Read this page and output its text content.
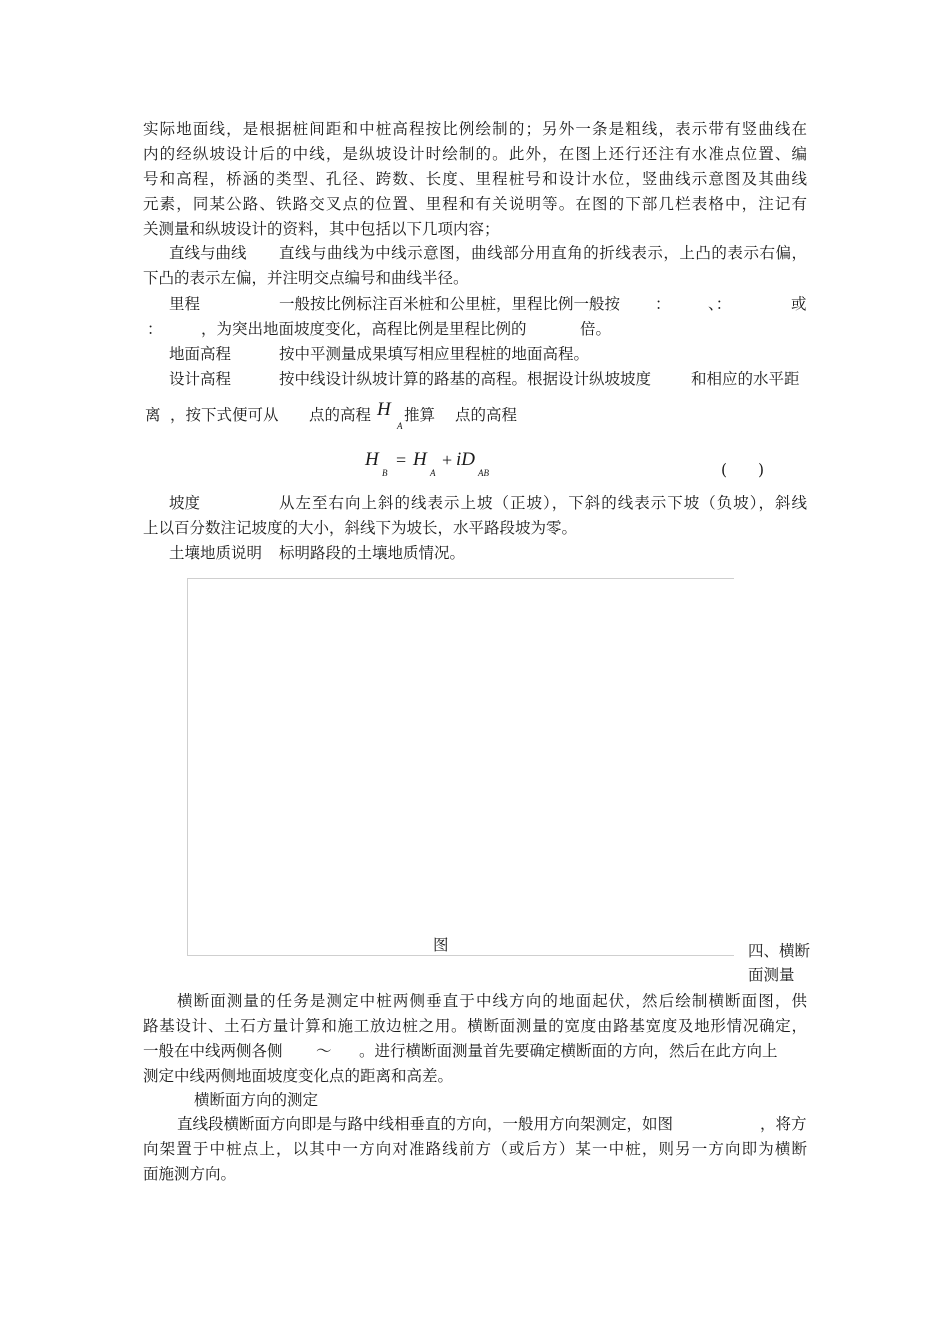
实际地面线，是根据桩间距和中桩高程按比例绘制的；另外一条是粗线，表示带有竖曲线在
内的经纵坡设计后的中线，是纵坡设计时绘制的。此外，在图上还行还注有水准点位置、编
号和高程，桥涵的类型、孔径、跨数、长度、里程桩号和设计水位，竖曲线示意图及其曲线
元素，同某公路、铁路交叉点的位置、里程和有关说明等。在图的下部几栏表格中，注记有
关测量和纵坡设计的资料，其中包括以下几项内容；
直线与曲线 直线与曲线为中线示意图，曲线部分用直角的折线表示，上凸的表示右偏，
下凸的表示左偏，并注明交点编号和曲线半径。
里程	一般按比例标注百米桩和公里桩，里程比例一般按 ： 、：	或
： ，为突出地面坡度变化，高程比例是里程比例的	倍。
地面高程	按中平测量成果填写相应里程桩的地面高程。
设计高程	按中线设计纵坡计算的路基的高程。根据设计纵坡坡度	和相应的水平距
离 ，按下式便可从 点的高程 H
A
推算 点的高程
H
B
= H
A
+ iD
AB	(　　)
坡度	从左至右向上斜的线表示上坡（正坡），下斜的线表示下坡（负坡），斜线
上以百分数注记坡度的大小，斜线下为坡长，水平路段坡为零。
土壤地质说明 标明路段的土壤地质情况。
图	四、横断
面测量
横断面测量的任务是测定中桩两侧垂直于中线方向的地面起伏，然后绘制横断面图，供
路基设计、土石方量计算和施工放边桩之用。横断面测量的宽度由路基宽度及地形情况确定，
一般在中线两侧各侧 ～ 。进行横断面测量首先要确定横断面的方向，然后在此方向上
测定中线两侧地面坡度变化点的距离和高差。
横断面方向的测定
直线段横断面方向即是与路中线相垂直的方向，一般用方向架测定，如图	，将方
向架置于中桩点上，以其中一方向对准路线前方（或后方）某一中桩，则另一方向即为横断
面施测方向。
